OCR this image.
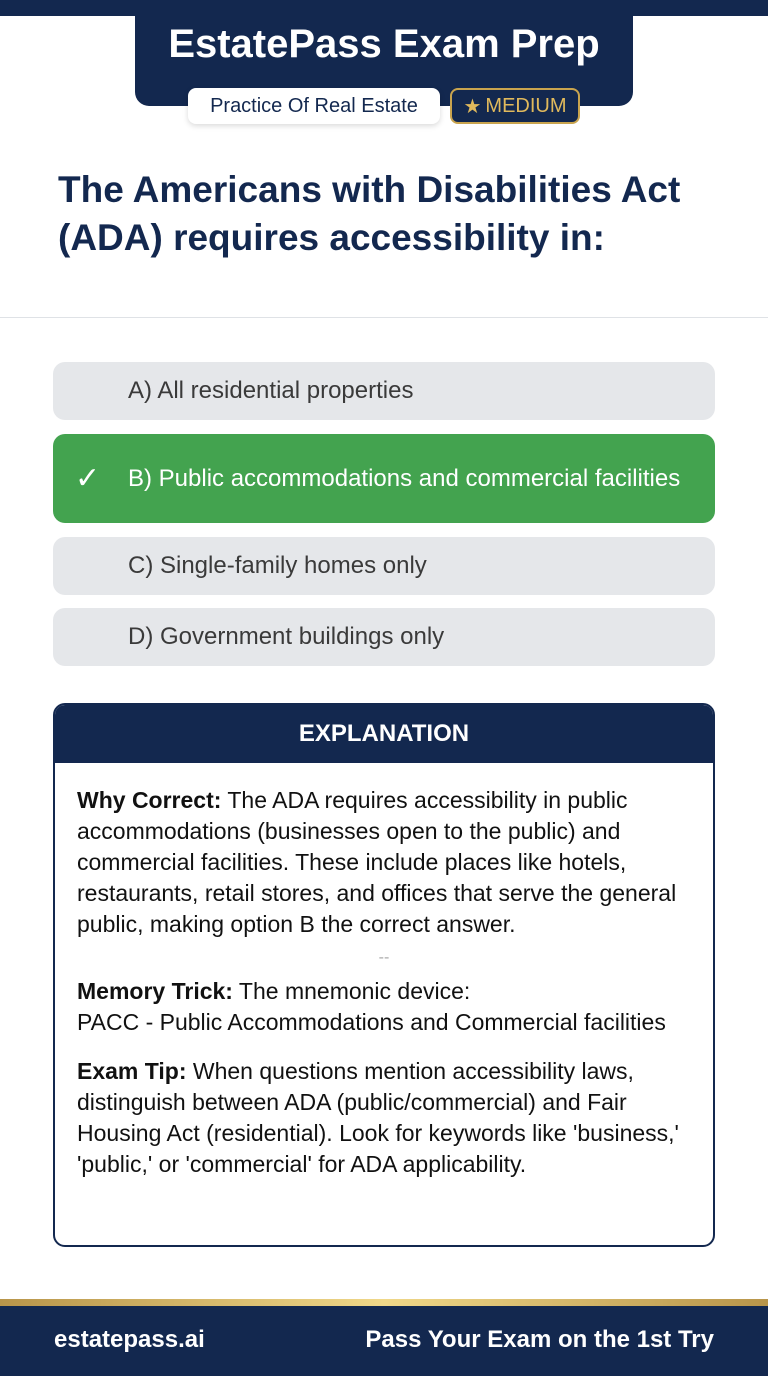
EstatePass Exam Prep
Practice Of Real Estate	★ MEDIUM
The Americans with Disabilities Act (ADA) requires accessibility in:
A) All residential properties
✓ B) Public accommodations and commercial facilities
C) Single-family homes only
D) Government buildings only
EXPLANATION

Why Correct: The ADA requires accessibility in public accommodations (businesses open to the public) and commercial facilities. These include places like hotels, restaurants, retail stores, and offices that serve the general public, making option B the correct answer.

--

Memory Trick: The mnemonic device:
PACC - Public Accommodations and Commercial facilities

Exam Tip: When questions mention accessibility laws, distinguish between ADA (public/commercial) and Fair Housing Act (residential). Look for keywords like 'business,' 'public,' or 'commercial' for ADA applicability.

estatepass.ai	Pass Your Exam on the 1st Try
